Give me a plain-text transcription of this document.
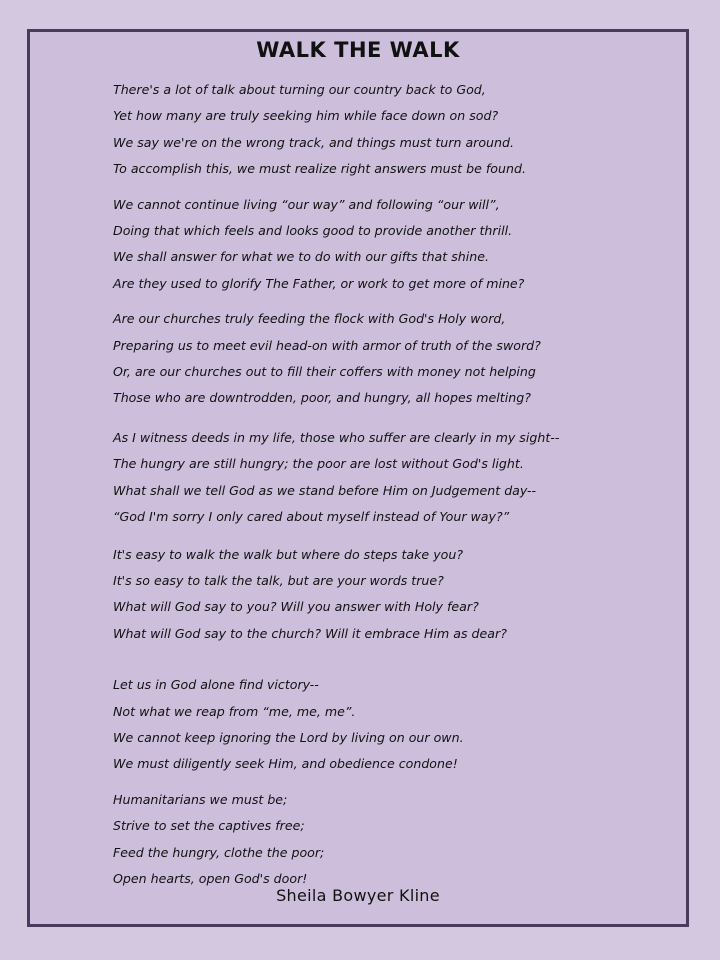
WALK THE WALK
There's a lot of talk about turning our country back to God,
Yet how many are truly seeking him while face down on sod?
We say we're on the wrong track, and things must turn around.
To accomplish this, we must realize right answers must be found.
We cannot continue living “our way” and following “our will”,
Doing that which feels and looks good to provide another thrill.
We shall answer for what we to do with our gifts that shine.
Are they used to glorify The Father, or work to get more of mine?
Are our churches truly feeding the flock with God's Holy word,
Preparing us to meet evil head-on with armor of truth of the sword?
Or, are our churches out to fill their coffers with money not helping
Those who are downtrodden, poor, and hungry, all hopes melting?
As I witness deeds in my life, those who suffer are clearly in my sight--
The hungry are still hungry; the poor are lost without God's light.
What shall we tell God as we stand before Him on Judgement day--
“God I'm sorry I only cared about myself instead of Your way?”
It's easy to walk the walk but where do steps take you?
It's so easy to talk the talk, but are your words true?
What will God say to you? Will you answer with Holy fear?
What will God say to the church? Will it embrace Him as dear?
Let us in God alone find victory--
Not what we reap from “me, me, me”.
We cannot keep ignoring the Lord by living on our own.
We must diligently seek Him, and obedience condone!
Humanitarians we must be;
Strive to set the captives free;
Feed the hungry, clothe the poor;
Open hearts, open God's door!

Sheila Bowyer Kline
